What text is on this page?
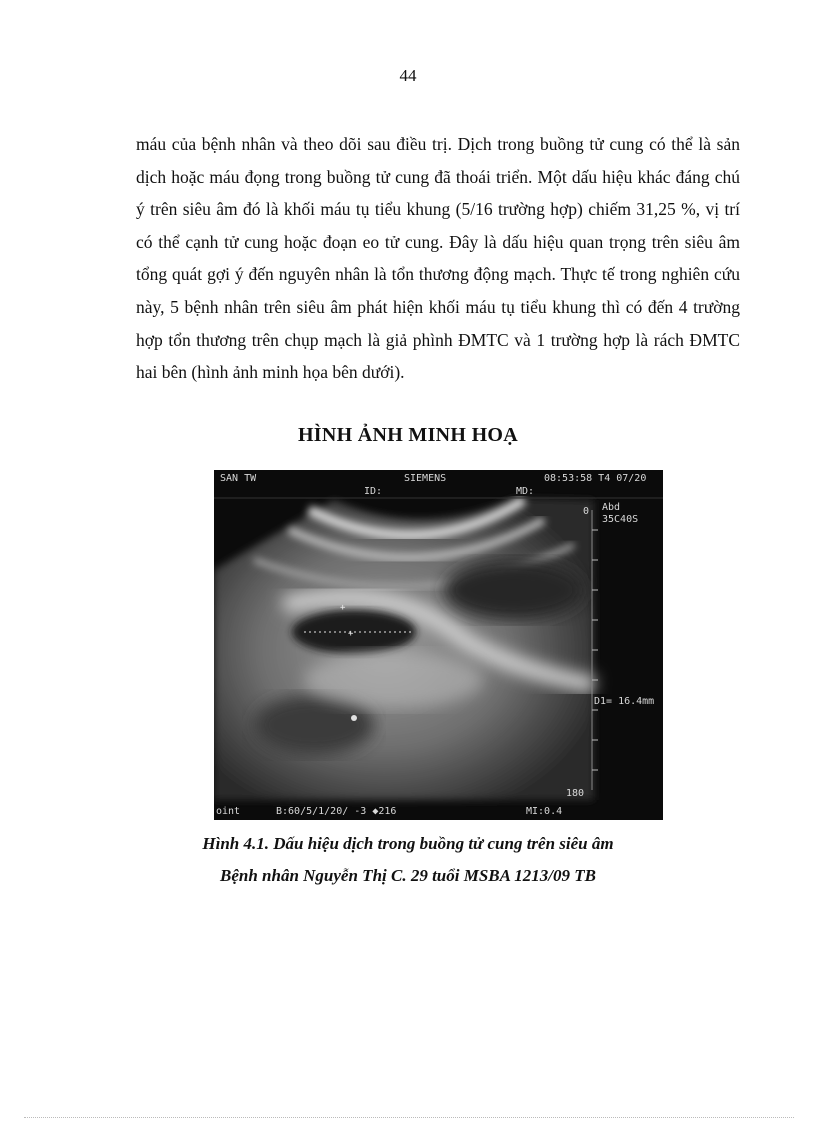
44

máu của bệnh nhân và theo dõi sau điều trị. Dịch trong buồng tử cung có thể là sản dịch hoặc máu đọng trong buồng tử cung đã thoái triển. Một dấu hiệu khác đáng chú ý trên siêu âm đó là khối máu tụ tiểu khung (5/16 trường hợp) chiếm 31,25 %, vị trí có thể cạnh tử cung hoặc đoạn eo tử cung. Đây là dấu hiệu quan trọng trên siêu âm tổng quát gợi ý đến nguyên nhân là tổn thương động mạch. Thực tế trong nghiên cứu này, 5 bệnh nhân trên siêu âm phát hiện khối máu tụ tiểu khung thì có đến 4 trường hợp tổn thương trên chụp mạch là giả phình ĐMTC và 1 trường hợp là rách ĐMTC hai bên (hình ảnh minh họa bên dưới).

HÌNH ẢNH MINH HOẠ
+
+
SAN TW
ID:	MD:
SIEMENS	08:53:58 T4 07/20
Abd
35C40S
0
D1= 16.4mm
180
oint	B:60/5/1/20/ -3 ◆216	MI:0.4
Hình 4.1. Dấu hiệu dịch trong buồng tử cung trên siêu âm
Bệnh nhân Nguyễn Thị C. 29 tuổi MSBA 1213/09 TB
